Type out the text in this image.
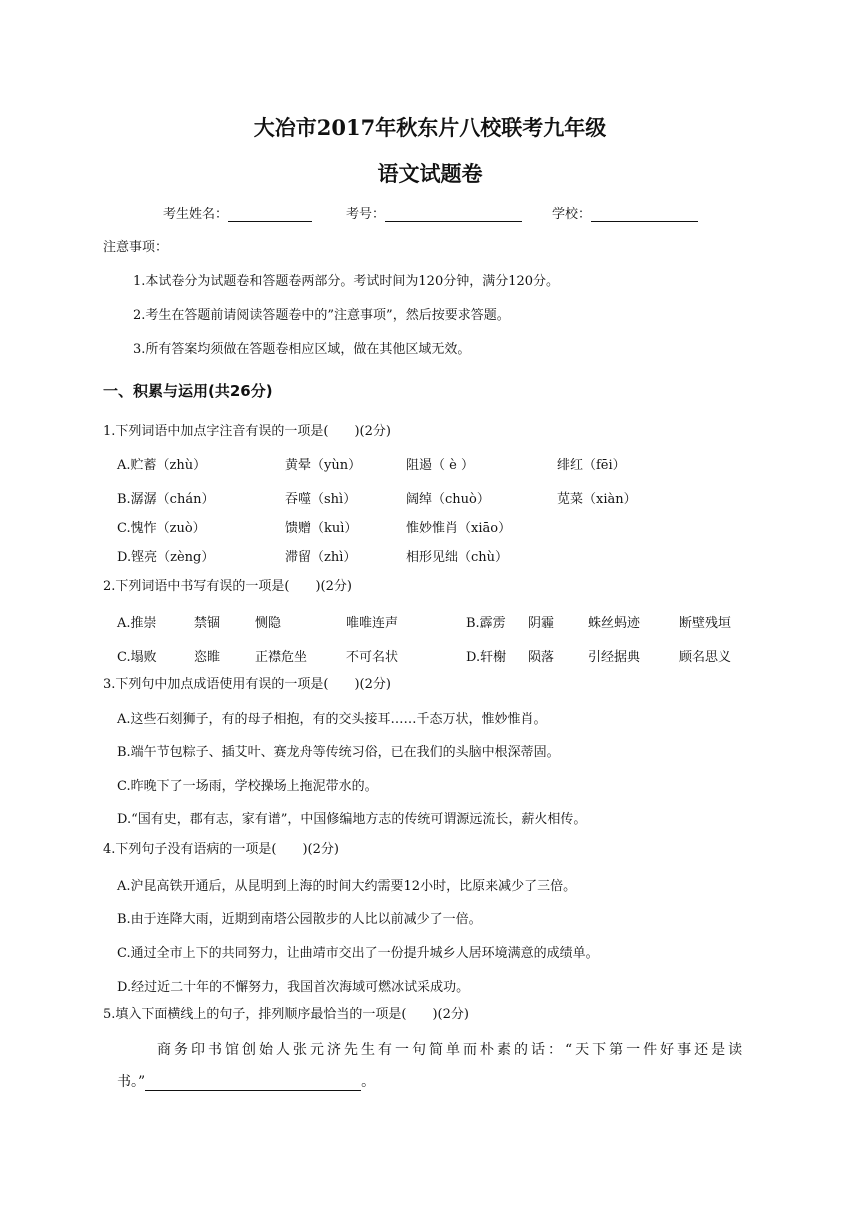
大冶市2017年秋东片八校联考九年级
语文试题卷
考生姓名：	考号：	学校：
注意事项：
1.本试卷分为试题卷和答题卷两部分。考试时间为120分钟，满分120分。
2.考生在答题前请阅读答题卷中的”注意事项”，然后按要求答题。
3.所有答案均须做在答题卷相应区域，做在其他区域无效。
一、积累与运用(共26分)
1.下列词语中加点字注音有误的一项是(　　)(2分)
A.贮蓄（zhù）	黄晕（yùn）	阻遏（ è ）	绯红（fēi）
B.潺潺（chán）	吞噬（shì）	阔绰（chuò）	苋菜（xiàn）
C.愧怍（zuò）	馈赠（kuì）	惟妙惟肖（xiāo）
D.铿亮（zèng）	滞留（zhì）	相形见绌（chù）
2.下列词语中书写有误的一项是(　　)(2分)
A.推崇	禁锢	恻隐	唯唯连声	B.霹雳 阴霾	蛛丝蚂迹	断壁残垣
C.塌败	恣睢	正襟危坐	不可名状	D.轩榭 陨落	引经据典	顾名思义
3.下列句中加点成语使用有误的一项是(　　)(2分)
A.这些石刻狮子，有的母子相抱，有的交头接耳……千态万状，惟妙惟肖。
B.端午节包粽子、插艾叶、赛龙舟等传统习俗，已在我们的头脑中根深蒂固。
C.昨晚下了一场雨，学校操场上拖泥带水的。
D.“国有史，郡有志，家有谱”，中国修编地方志的传统可谓源远流长，薪火相传。
4.下列句子没有语病的一项是(　　)(2分)
A.沪昆高铁开通后，从昆明到上海的时间大约需要12小时，比原来减少了三倍。
B.由于连降大雨，近期到南塔公园散步的人比以前减少了一倍。
C.通过全市上下的共同努力，让曲靖市交出了一份提升城乡人居环境满意的成绩单。
D.经过近二十年的不懈努力，我国首次海域可燃冰试采成功。
5.填入下面横线上的句子，排列顺序最恰当的一项是(　　)(2分)
商务印书馆创始人张元济先生有一句简单而朴素的话：“天下第一件好事还是读
书。”	。
